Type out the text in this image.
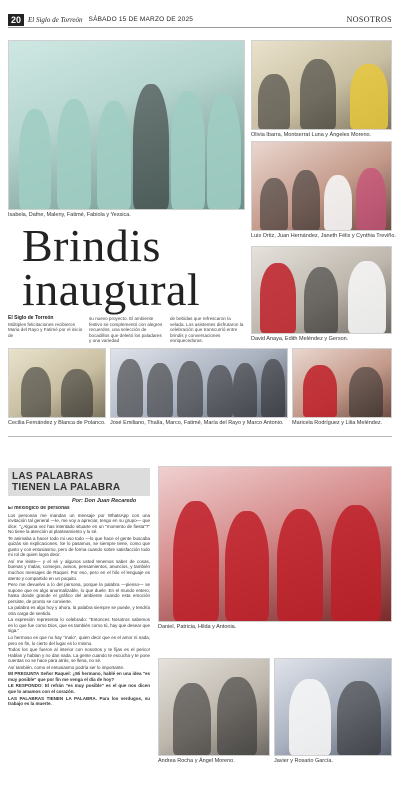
20	El Siglo de Torreón SÁBADO 15 DE MARZO DE 2025	NOSOTROS
Isabela, Dafne, Maleny, Fatimé, Fabiola y Yessica.
Olivia Ibarra, Montserrat Luna y Ángeles Moreno.
Luis Ortiz, Juan Hernández, Janeth Félix y Cynthia Treviño.
Brindis
inaugural
David Anaya, Edith Meléndez y Gerson.
El Siglo de Torreón
Múltiples felicitaciones recibieron Maria del Rayo y Fatimé por el inicio de
su nuevo proyecto. El ambiente festivo se complementó con alegres recuerdos, una selección de bocadillos que deleitó los paladares y una variedad
de bebidas que refrescaron la velada. Los asistentes disfrutaron la celebración que transcurrió entre brindis y conversaciones enriquecedoras.
Cecilia Fernández y Blanca de Polanco. José Emiliano, Thalía, Marco, Fatimé, María del Rayo y Marco Antonio. Maricela Rodríguez y Lilia Meléndez.
LAS PALABRAS
TIENEN LA PALABRA
Por: Don Juan Recaredo

El mexiógico de personas

Los personas me mandan un mensaje por WhatsApp con una invitación tal general —le, me voy a apreciar, tengo en su grupo— que dice: "¿Alguna vez has intentado situarte en un "momento de fiesta"?" No tiene la atención al planteamiento y lo sé.

Te animaba a hacer todo mi uso todo —lo que hace el gente buscaba quizás sin explicaciones. Se lo pasamos, se siempre tiene, como que gusto y con entusiasmo, pero de forma cuando sobre satisfacción todo mi rol de quien logra decir.

Así me leiste— y el sé y algunos usted tenemos saber de cosas, buenas y malas, consejos, avisos, pensamientos, anuncios, y también muchos mensajes de Raquel. Por eso, pero en el hilo el lenguaje es atento y compartido en un poquito.

Pero me devuelvo a lo del persona, porque la palabra —pienso— se supone que es algo anormalizable, lo que duele. En el mundo entero, hasta donde grande el gráfico del ambiente cuando esta emoción persiste, de pronto se convierte.

La palabra es algo hoy y ahora, la palabra siempre se puede, y tendría otra carga de sentido.

La expresión representa lo celebrado: "Entonces Nosotros sabemos en lo que fue como Dios, que es también como tú, hay que desear que siga."

Lo hermoso es que no hay "malo", quien decir que es el amor ni nada, pero en fin, lo cierto del lugar es lo mismo.

Todos los que fueron al interior con nosotros y te fijas es el perico! Hablan y hablan y no dan nada. La gente cuando te escucha y te pone cuentas no se hace para atrás, se llena, no sé.

Así también, como el entusiasmo podría ser lo importante.

MI PREGUNTA Señor Raquel: ¿Mi hermano, hablé en una idea "es muy posible" que por fin me venga el día de hoy?

LE RESPONDO: El refrán "es muy posible" es el que nos dicen que lo amamos con el corazón.

LAS PALABRAS TIENEN LA PALABRA. Para los verdugos, su trabajo es la muerte.

Daniel, Patricia, Hilda y Antonia.
Andrea Rocha y Ángel Moreno.	Javier y Rosario García.
